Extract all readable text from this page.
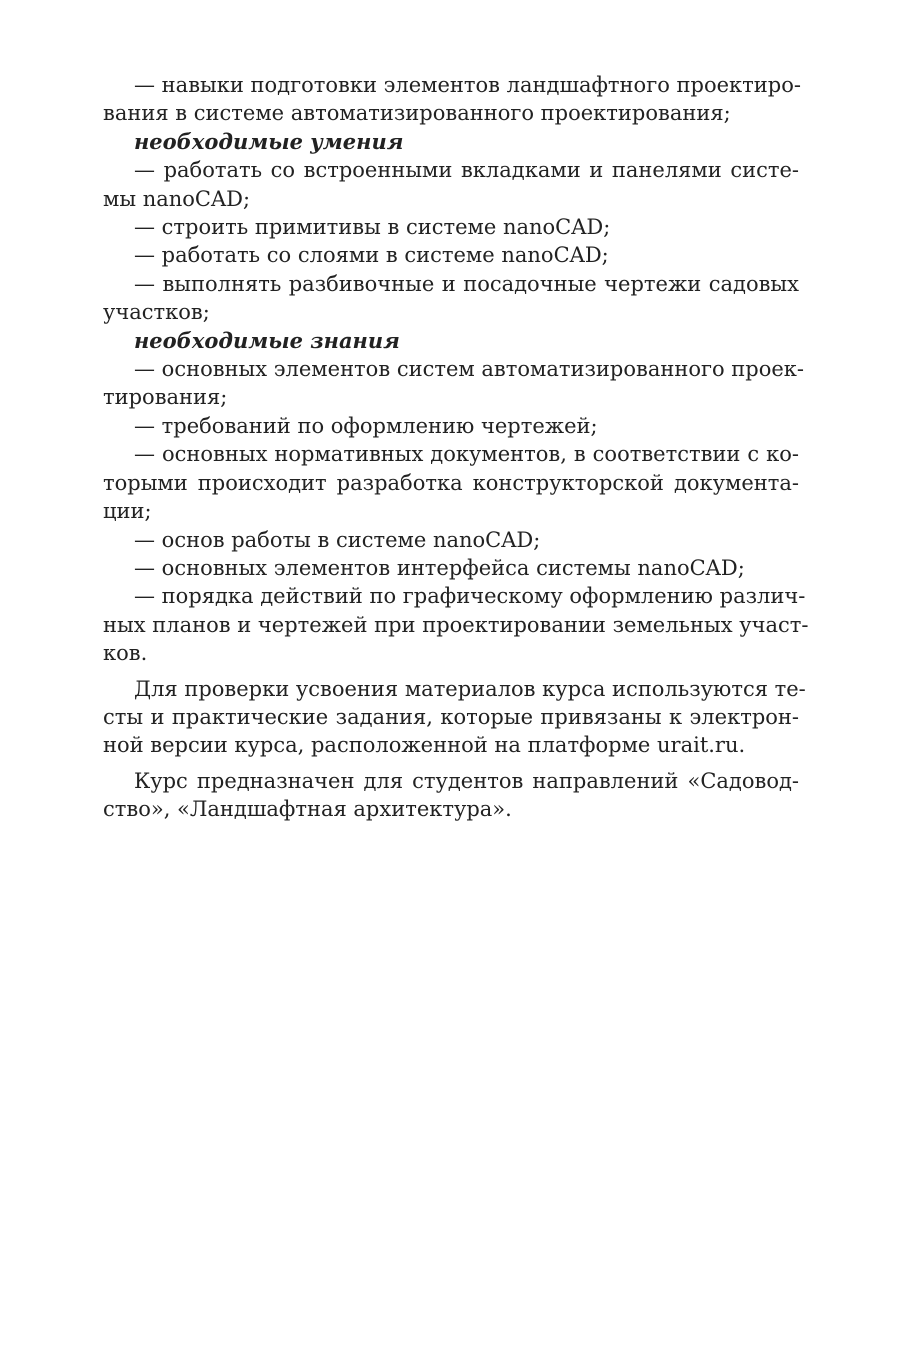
— навыки подготовки элементов ландшафтного проектиро-
вания в системе автоматизированного проектирования;
необходимые умения
— работать со встроенными вкладками и панелями систе-
мы nanoCAD;
— строить примитивы в системе nanoCAD;
— работать со слоями в системе nanoCAD;
— выполнять разбивочные и посадочные чертежи садовых
участков;
необходимые знания
— основных элементов систем автоматизированного проек-
тирования;
— требований по оформлению чертежей;
— основных нормативных документов, в соответствии с ко-
торыми происходит разработка конструкторской документа-
ции;
— основ работы в системе nanoCAD;
— основных элементов интерфейса системы nanoCAD;
— порядка действий по графическому оформлению различ-
ных планов и чертежей при проектировании земельных участ-
ков.
Для проверки усвоения материалов курса используются те-
сты и практические задания, которые привязаны к электрон-
ной версии курса, расположенной на платформе urait.ru.
Курс предназначен для студентов направлений «Садовод-
ство», «Ландшафтная архитектура».
